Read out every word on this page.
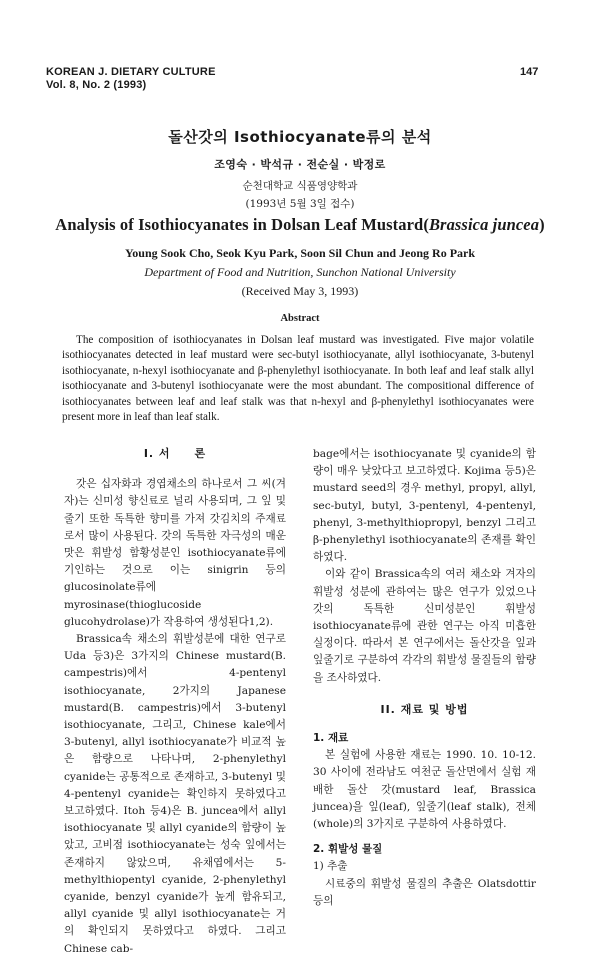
KOREAN J. DIETARY CULTURE
Vol. 8, No. 2 (1993)
147
돌산갓의 Isothiocyanate류의 분석
조영숙 · 박석규 · 전순실 · 박정로
순천대학교 식품영양학과
(1993년 5월 3일 접수)
Analysis of Isothiocyanates in Dolsan Leaf Mustard(Brassica juncea)
Young Sook Cho, Seok Kyu Park, Soon Sil Chun and Jeong Ro Park
Department of Food and Nutrition, Sunchon National University
(Received May 3, 1993)
Abstract
The composition of isothiocyanates in Dolsan leaf mustard was investigated. Five major volatile isothiocyanates detected in leaf mustard were sec-butyl isothiocyanate, allyl isothiocyanate, 3-butenyl isothiocyanate, n-hexyl isothiocyanate and β-phenylethyl isothiocyanate. In both leaf and leaf stalk allyl isothiocyanate and 3-butenyl isothiocyanate were the most abundant. The compositional difference of isothiocyanates between leaf and leaf stalk was that n-hexyl and β-phenylethyl isothiocyanates were present more in leaf than leaf stalk.
I. 서　　론

갓은 십자화과 경엽채소의 하나로서 그 씨(겨자)는 신미성 향신료로 널리 사용되며, 그 잎 및 줄기 또한 독특한 향미를 가져 갓김치의 주재료로서 많이 사용된다. 갓의 독특한 자극성의 매운 맛은 휘발성 함황성분인 isothiocyanate류에 기인하는 것으로 이는 sinigrin 등의 glucosinolate류에 myrosinase(thioglucoside glucohydrolase)가 작용하여 생성된다1,2).

Brassica속 채소의 휘발성분에 대한 연구로 Uda 등3)은 3가지의 Chinese mustard(B. campestris)에서 4-pentenyl isothiocyanate, 2가지의 Japanese mustard(B. campestris)에서 3-butenyl isothiocyanate, 그리고, Chinese kale에서 3-butenyl, allyl isothiocyanate가 비교적 높은 함량으로 나타나며, 2-phenylethyl cyanide는 공통적으로 존재하고, 3-butenyl 및 4-pentenyl cyanide는 확인하지 못하였다고 보고하였다. Itoh 등4)은 B. juncea에서 allyl isothiocyanate 및 allyl cyanide의 함량이 높았고, 고비점 isothiocyanate는 성숙 잎에서는 존재하지 않았으며, 유채엽에서는 5-methylthiopentyl cyanide, 2-phenylethyl cyanide, benzyl cyanide가 높게 함유되고, allyl cyanide 및 allyl isothiocyanate는 거의 확인되지 못하였다고 하였다. 그리고 Chinese cab-

bage에서는 isothiocyanate 및 cyanide의 함량이 매우 낮았다고 보고하였다. Kojima 등5)은 mustard seed의 경우 methyl, propyl, allyl, sec-butyl, butyl, 3-pentenyl, 4-pentenyl, phenyl, 3-methylthiopropyl, benzyl 그리고 β-phenylethyl isothiocyanate의 존재를 확인하였다.

이와 같이 Brassica속의 여러 채소와 겨자의 휘발성 성분에 관하여는 많은 연구가 있었으나 갓의 독특한 신미성분인 휘발성 isothiocyanate류에 관한 연구는 아직 미흡한 실정이다. 따라서 본 연구에서는 돌산갓을 잎과 잎줄기로 구분하여 각각의 휘발성 물질들의 함량을 조사하였다.

II. 재료 및 방법
1. 재료

본 실험에 사용한 재료는 1990. 10. 10-12. 30 사이에 전라남도 여천군 돌산면에서 실험 재배한 돌산 갓(mustard leaf, Brassica juncea)을 잎(leaf), 잎줄기(leaf stalk), 전체(whole)의 3가지로 구분하여 사용하였다.

2. 휘발성 물질
1) 추출

시료중의 휘발성 물질의 추출은 Olatsdottir 등의
